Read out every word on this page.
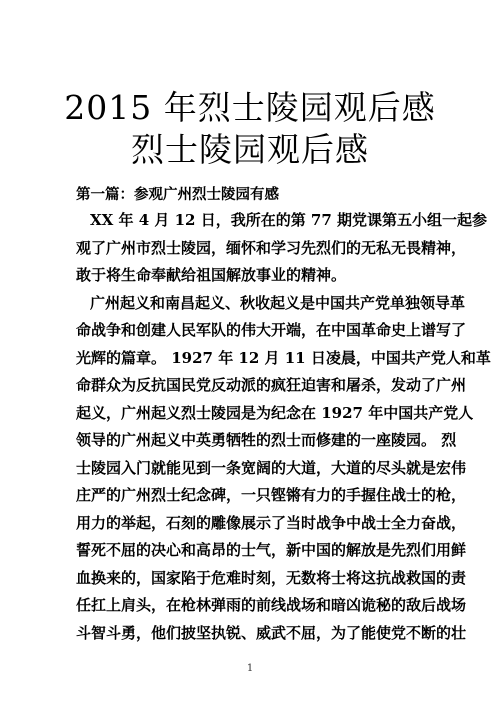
2015 年烈士陵园观后感
烈士陵园观后感
第一篇：参观广州烈士陵园有感
XX 年 4 月 12 日，我所在的第 77 期党课第五小组一起参
观了广州市烈士陵园，缅怀和学习先烈们的无私无畏精神，
敢于将生命奉献给祖国解放事业的精神。
广州起义和南昌起义、秋收起义是中国共产党单独领导革
命战争和创建人民军队的伟大开端，在中国革命史上谱写了
光辉的篇章。 1927 年 12 月 11 日凌晨，中国共产党人和革
命群众为反抗国民党反动派的疯狂迫害和屠杀，发动了广州
起义，广州起义烈士陵园是为纪念在 1927 年中国共产党人
领导的广州起义中英勇牺牲的烈士而修建的一座陵园。 烈
士陵园入门就能见到一条宽阔的大道，大道的尽头就是宏伟
庄严的广州烈士纪念碑，一只铿锵有力的手握住战士的枪，
用力的举起，石刻的雕像展示了当时战争中战士全力奋战，
誓死不屈的决心和高昂的士气，新中国的解放是先烈们用鲜
血换来的，国家陷于危难时刻，无数将士将这抗战救国的责
任扛上肩头，在枪林弹雨的前线战场和暗凶诡秘的敌后战场
斗智斗勇，他们披坚执锐、威武不屈，为了能使党不断的壮
1
